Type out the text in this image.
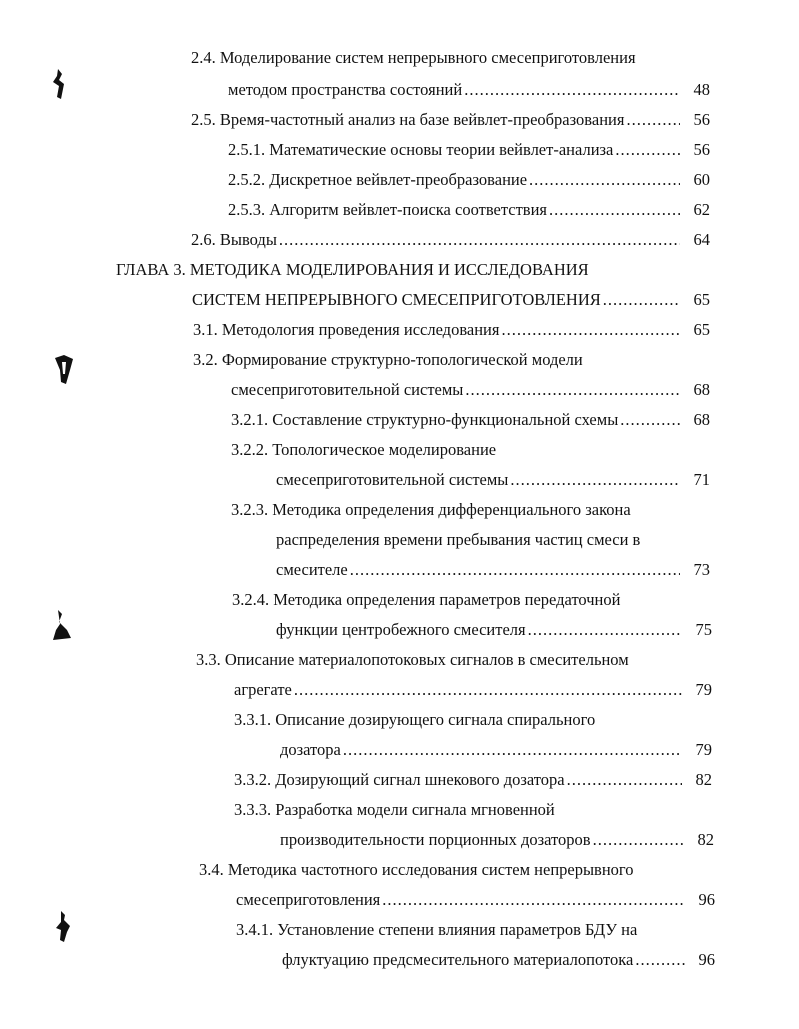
2.4. Моделирование систем непрерывного смесеприготовления
методом пространства состояний .....	48
2.5. Время-частотный анализ на базе вейвлет-преобразования .....	56
2.5.1. Математические основы теории вейвлет-анализа .....	56
2.5.2. Дискретное вейвлет-преобразование .....	60
2.5.3. Алгоритм вейвлет-поиска соответствия .....	62
2.6. Выводы .....	64
ГЛАВА 3. МЕТОДИКА МОДЕЛИРОВАНИЯ И ИССЛЕДОВАНИЯ
СИСТЕМ НЕПРЕРЫВНОГО СМЕСЕПРИГОТОВЛЕНИЯ .....	65
3.1. Методология проведения исследования .....	65
3.2. Формирование структурно-топологической модели
смесеприготовительной системы .....	68
3.2.1. Составление структурно-функциональной схемы .....	68
3.2.2. Топологическое моделирование
смесеприготовительной системы .....	71
3.2.3. Методика определения дифференциального закона
распределения времени пребывания частиц смеси в
смесителе .....	73
3.2.4. Методика определения параметров передаточной
функции центробежного смесителя .....	75
3.3. Описание материалопотоковых сигналов в смесительном
агрегате .....	79
3.3.1. Описание дозирующего сигнала спирального
дозатора .....	79
3.3.2. Дозирующий сигнал шнекового дозатора .....	82
3.3.3. Разработка модели сигнала мгновенной
производительности порционных дозаторов .....	82
3.4. Методика частотного исследования систем непрерывного
смесеприготовления .....	96
3.4.1. Установление степени влияния параметров БДУ на
флуктуацию предсмесительного материалопотока .....	96
